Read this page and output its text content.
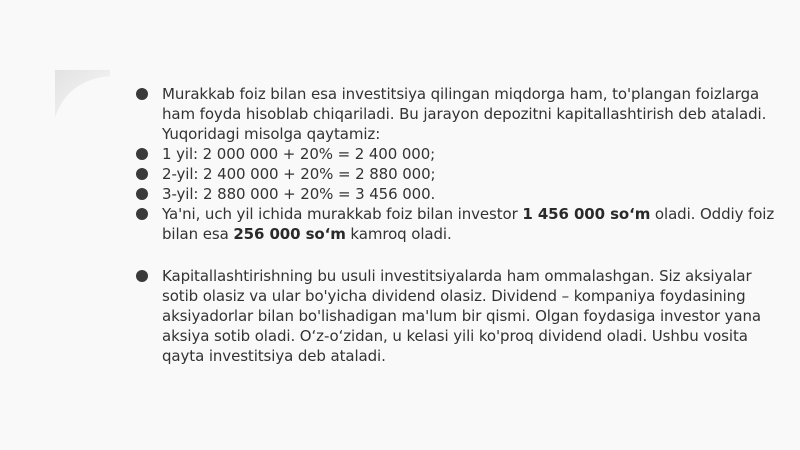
Murakkab foiz bilan esa investitsiya qilingan miqdorga ham, to'plangan foizlarga ham foyda hisoblab chiqariladi. Bu jarayon depozitni kapitallashtirish deb ataladi. Yuqoridagi misolga qaytamiz:
1 yil: 2 000 000 + 20% = 2 400 000;
2-yil: 2 400 000 + 20% = 2 880 000;
3-yil: 2 880 000 + 20% = 3 456 000.
Ya'ni, uch yil ichida murakkab foiz bilan investor 1 456 000 so‘m oladi. Oddiy foiz bilan esa 256 000 so‘m kamroq oladi.
Kapitallashtirishning bu usuli investitsiyalarda ham ommalashgan. Siz aksiyalar sotib olasiz va ular bo'yicha dividend olasiz. Dividend – kompaniya foydasining aksiyadorlar bilan bo'lishadigan ma'lum bir qismi. Olgan foydasiga investor yana aksiya sotib oladi. O‘z-o‘zidan, u kelasi yili ko'proq dividend oladi. Ushbu vosita qayta investitsiya deb ataladi.
